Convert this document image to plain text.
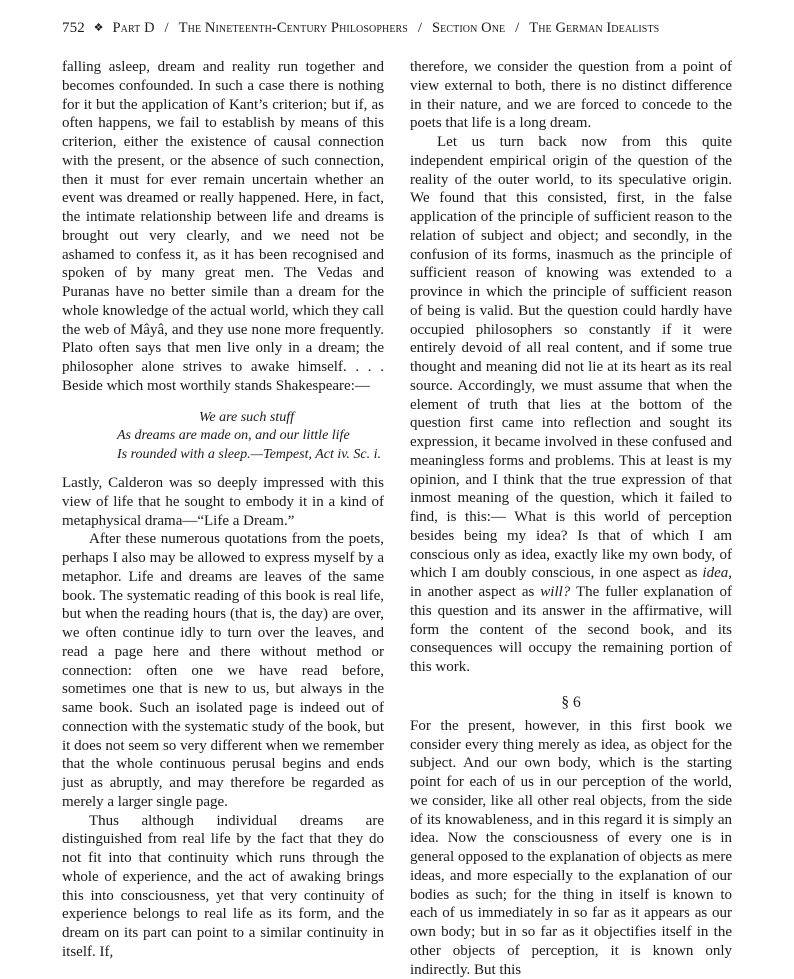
752 ❖ Part D / The Nineteenth-Century Philosophers / Section One / The German Idealists

falling asleep, dream and reality run together and becomes confounded. In such a case there is nothing for it but the application of Kant’s criterion; but if, as often happens, we fail to establish by means of this criterion, either the existence of causal connection with the present, or the absence of such connection, then it must for ever remain uncertain whether an event was dreamed or really happened. Here, in fact, the intimate relationship between life and dreams is brought out very clearly, and we need not be ashamed to confess it, as it has been recognised and spoken of by many great men. The Vedas and Puranas have no better simile than a dream for the whole knowledge of the actual world, which they call the web of Mâyâ, and they use none more frequently. Plato often says that men live only in a dream; the philosopher alone strives to awake himself. . . . Beside which most worthily stands Shakespeare:—

We are such stuff
As dreams are made on, and our little life
Is rounded with a sleep.—Tempest, Act iv. Sc. i.

Lastly, Calderon was so deeply impressed with this view of life that he sought to embody it in a kind of metaphysical drama—“Life a Dream.”

After these numerous quotations from the poets, perhaps I also may be allowed to express myself by a metaphor. Life and dreams are leaves of the same book. The systematic reading of this book is real life, but when the reading hours (that is, the day) are over, we often continue idly to turn over the leaves, and read a page here and there without method or connection: often one we have read before, sometimes one that is new to us, but always in the same book. Such an isolated page is indeed out of connection with the systematic study of the book, but it does not seem so very different when we remember that the whole continuous perusal begins and ends just as abruptly, and may therefore be regarded as merely a larger single page.

Thus although individual dreams are distinguished from real life by the fact that they do not fit into that continuity which runs through the whole of experience, and the act of awaking brings this into consciousness, yet that very continuity of experience belongs to real life as its form, and the dream on its part can point to a similar continuity in itself. If,

therefore, we consider the question from a point of view external to both, there is no distinct difference in their nature, and we are forced to concede to the poets that life is a long dream.

Let us turn back now from this quite independent empirical origin of the question of the reality of the outer world, to its speculative origin. We found that this consisted, first, in the false application of the principle of sufficient reason to the relation of subject and object; and secondly, in the confusion of its forms, inasmuch as the principle of sufficient reason of knowing was extended to a province in which the principle of sufficient reason of being is valid. But the question could hardly have occupied philosophers so constantly if it were entirely devoid of all real content, and if some true thought and meaning did not lie at its heart as its real source. Accordingly, we must assume that when the element of truth that lies at the bottom of the question first came into reflection and sought its expression, it became involved in these confused and meaningless forms and problems. This at least is my opinion, and I think that the true expression of that inmost meaning of the question, which it failed to find, is this:— What is this world of perception besides being my idea? Is that of which I am conscious only as idea, exactly like my own body, of which I am doubly conscious, in one aspect as idea, in another aspect as will? The fuller explanation of this question and its answer in the affirmative, will form the content of the second book, and its consequences will occupy the remaining portion of this work.

§ 6

For the present, however, in this first book we consider every thing merely as idea, as object for the subject. And our own body, which is the starting point for each of us in our perception of the world, we consider, like all other real objects, from the side of its knowableness, and in this regard it is simply an idea. Now the consciousness of every one is in general opposed to the explanation of objects as mere ideas, and more especially to the explanation of our bodies as such; for the thing in itself is known to each of us immediately in so far as it appears as our own body; but in so far as it objectifies itself in the other objects of perception, it is known only indirectly. But this
